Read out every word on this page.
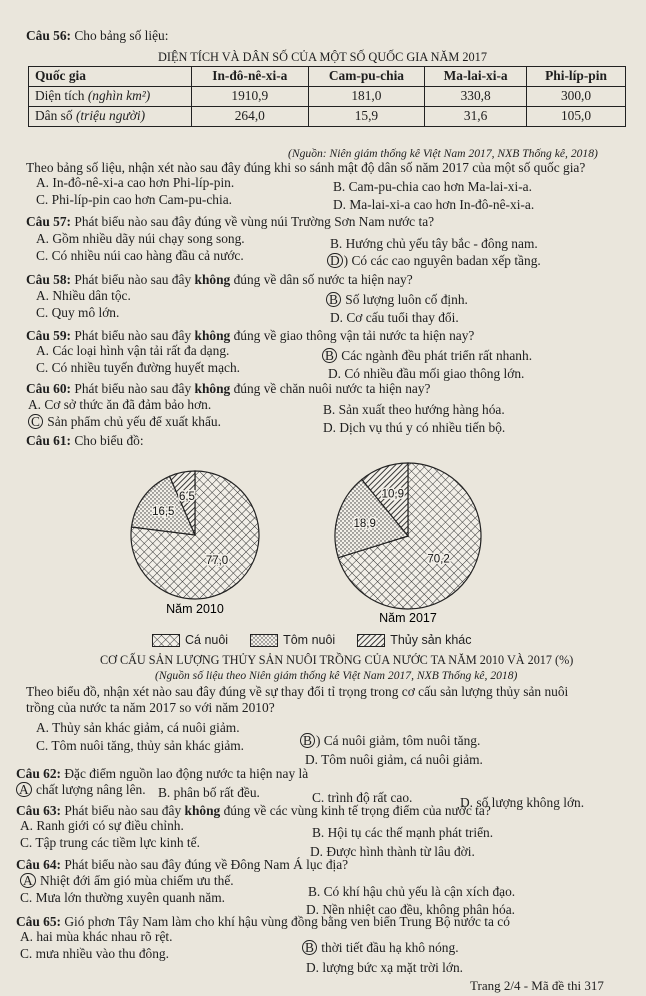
Câu 56: Cho bảng số liệu:
DIỆN TÍCH VÀ DÂN SỐ CỦA MỘT SỐ QUỐC GIA NĂM 2017
Quốc gia	In-đô-nê-xi-a	Cam-pu-chia	Ma-lai-xi-a	Phi-líp-pin
Diện tích (nghìn km²)	1910,9	181,0	330,8	300,0
Dân số (triệu người)	264,0	15,9	31,6	105,0
(Nguồn: Niên giám thống kê Việt Nam 2017, NXB Thống kê, 2018)
Theo bảng số liệu, nhận xét nào sau đây đúng khi so sánh mật độ dân số năm 2017 của một số quốc gia?
A. In-đô-nê-xi-a cao hơn Phi-líp-pin.	B. Cam-pu-chia cao hơn Ma-lai-xi-a.
C. Phi-líp-pin cao hơn Cam-pu-chia.	D. Ma-lai-xi-a cao hơn In-đô-nê-xi-a.
Câu 57: Phát biểu nào sau đây đúng về vùng núi Trường Sơn Nam nước ta?
A. Gồm nhiều dãy núi chạy song song.	B. Hướng chủ yếu tây bắc - đông nam.
C. Có nhiều núi cao hàng đầu cả nước.	D ) Có các cao nguyên badan xếp tầng.
Câu 58: Phát biểu nào sau đây không đúng về dân số nước ta hiện nay?
A. Nhiều dân tộc.	B Số lượng luôn cố định.
C. Quy mô lớn.	D. Cơ cấu tuổi thay đổi.
Câu 59: Phát biểu nào sau đây không đúng về giao thông vận tải nước ta hiện nay?
A. Các loại hình vận tải rất đa dạng.	B Các ngành đều phát triển rất nhanh.
C. Có nhiều tuyến đường huyết mạch.	D. Có nhiều đầu mối giao thông lớn.
Câu 60: Phát biểu nào sau đây không đúng về chăn nuôi nước ta hiện nay?
A. Cơ sở thức ăn đã đảm bảo hơn.	B. Sản xuất theo hướng hàng hóa.
C Sản phẩm chủ yếu để xuất khẩu.	D. Dịch vụ thú y có nhiều tiến bộ.
Câu 61: Cho biểu đồ:
77,0
16,5
6,5
70,2
18,9
10,9
Năm 2010
Năm 2017
Cá nuôi	Tôm nuôi	Thủy sản khác
CƠ CẤU SẢN LƯỢNG THỦY SẢN NUÔI TRỒNG CỦA NƯỚC TA NĂM 2010 VÀ 2017 (%)
(Nguồn số liệu theo Niên giám thống kê Việt Nam 2017, NXB Thống kê, 2018)
Theo biểu đồ, nhận xét nào sau đây đúng về sự thay đổi tỉ trọng trong cơ cấu sản lượng thủy sản nuôi
trồng của nước ta năm 2017 so với năm 2010?
A. Thủy sản khác giảm, cá nuôi giảm.
B ) Cá nuôi giảm, tôm nuôi tăng.
C. Tôm nuôi tăng, thủy sản khác giảm.
D. Tôm nuôi giảm, cá nuôi giảm.
Câu 62: Đặc điểm nguồn lao động nước ta hiện nay là
A chất lượng nâng lên. B. phân bố rất đều.	C. trình độ rất cao.	D. số lượng không lớn.
Câu 63: Phát biểu nào sau đây không đúng về các vùng kinh tế trọng điểm của nước ta?
A. Ranh giới có sự điều chỉnh.	B. Hội tụ các thế mạnh phát triển.
C. Tập trung các tiềm lực kinh tế.
D. Được hình thành từ lâu đời.
Câu 64: Phát biểu nào sau đây đúng về Đông Nam Á lục địa?
A Nhiệt đới ẩm gió mùa chiếm ưu thế.
B. Có khí hậu chủ yếu là cận xích đạo.
C. Mưa lớn thường xuyên quanh năm.
D. Nền nhiệt cao đều, không phân hóa.
Câu 65: Gió phơn Tây Nam làm cho khí hậu vùng đồng bằng ven biển Trung Bộ nước ta có
A. hai mùa khác nhau rõ rệt.
B thời tiết đầu hạ khô nóng.
C. mưa nhiều vào thu đông.
D. lượng bức xạ mặt trời lớn.
Trang 2/4 - Mã đề thi 317
